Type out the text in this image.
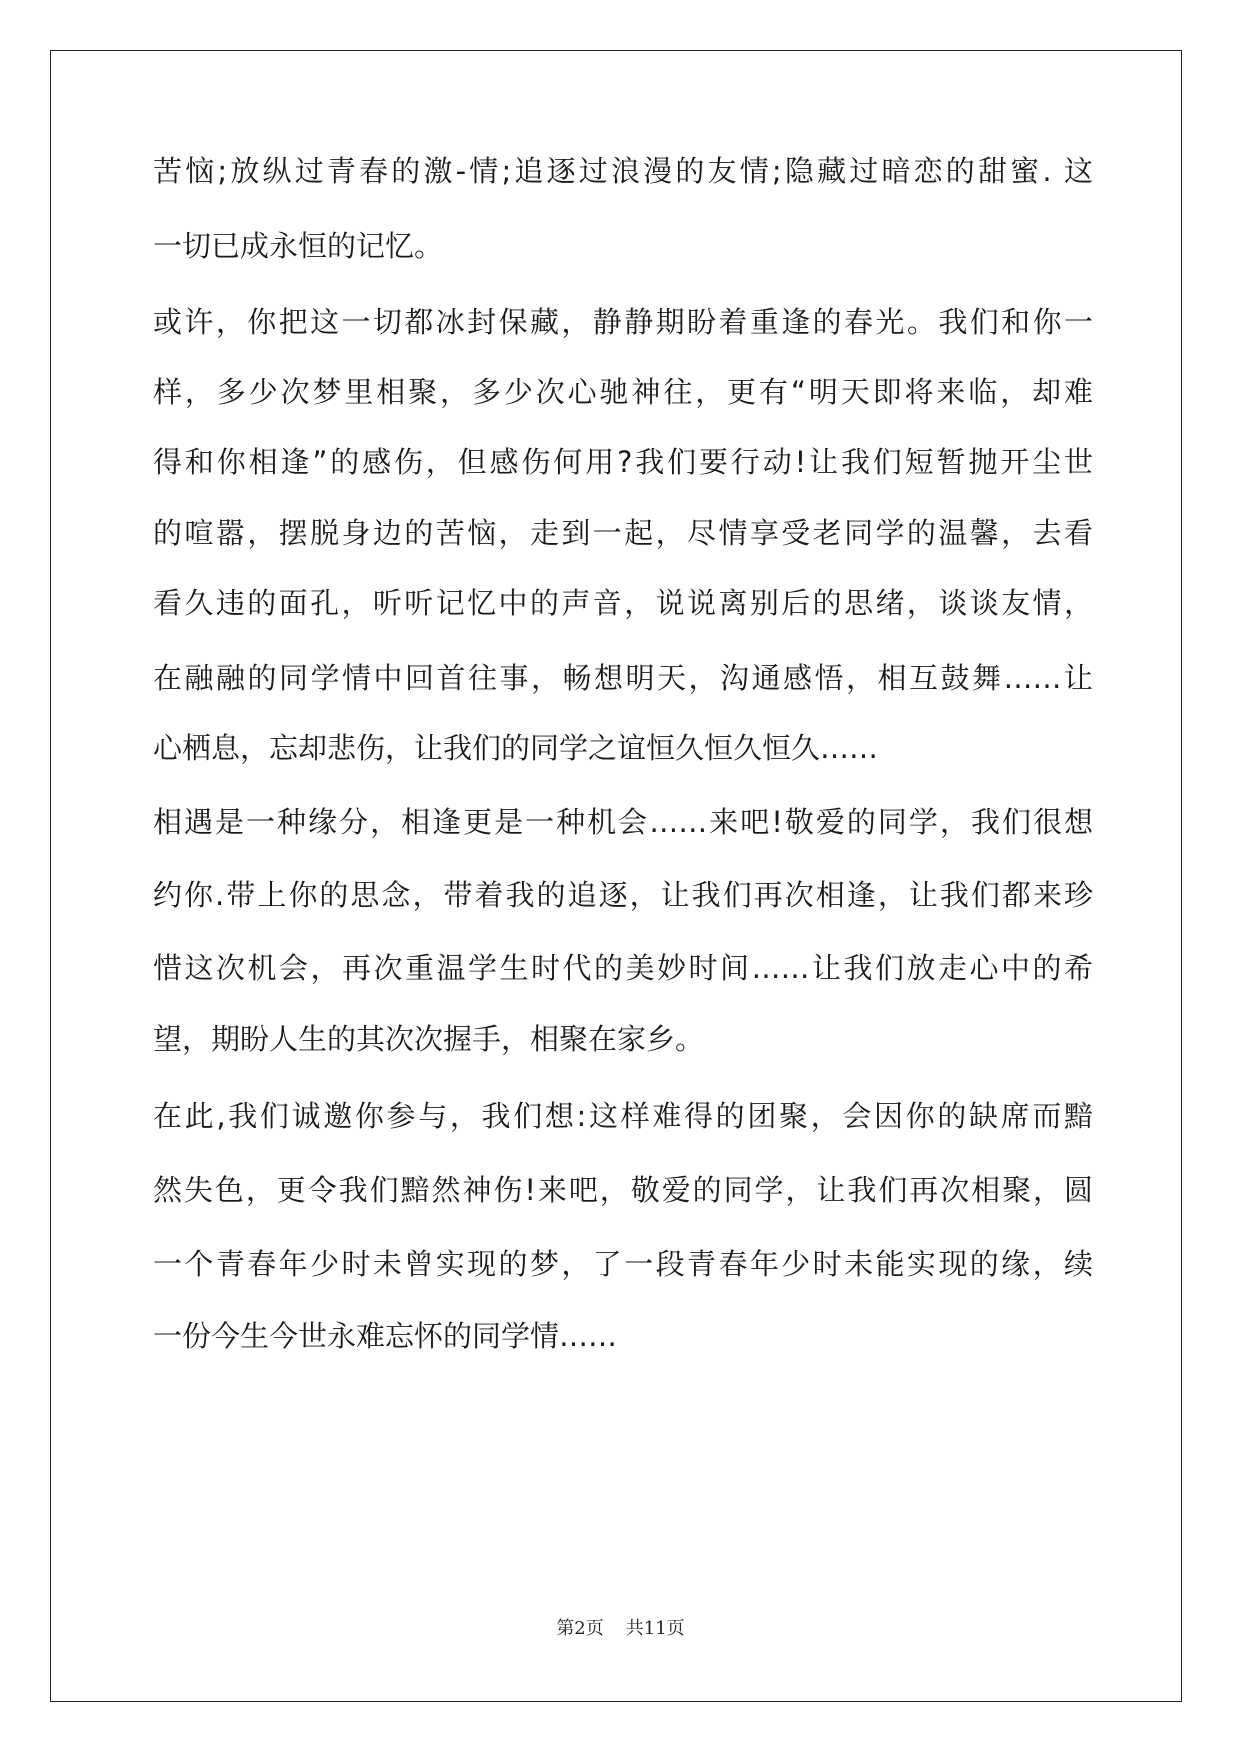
苦恼;放纵过青春的激-情;追逐过浪漫的友情;隐藏过暗恋的甜蜜. 这
一切已成永恒的记忆。
或许，你把这一切都冰封保藏，静静期盼着重逢的春光。我们和你一
样，多少次梦里相聚，多少次心驰神往，更有“明天即将来临，却难
得和你相逢”的感伤，但感伤何用?我们要行动!让我们短暂抛开尘世
的喧嚣，摆脱身边的苦恼，走到一起，尽情享受老同学的温馨，去看
看久违的面孔，听听记忆中的声音，说说离别后的思绪，谈谈友情，
在融融的同学情中回首往事，畅想明天，沟通感悟，相互鼓舞……让
心栖息，忘却悲伤，让我们的同学之谊恒久恒久恒久……
相遇是一种缘分，相逢更是一种机会……来吧!敬爱的同学，我们很想
约你.带上你的思念，带着我的追逐，让我们再次相逢，让我们都来珍
惜这次机会，再次重温学生时代的美妙时间……让我们放走心中的希
望，期盼人生的其次次握手，相聚在家乡。
在此,我们诚邀你参与，我们想:这样难得的团聚，会因你的缺席而黯
然失色，更令我们黯然神伤!来吧，敬爱的同学，让我们再次相聚，圆
一个青春年少时未曾实现的梦，了一段青春年少时未能实现的缘，续
一份今生今世永难忘怀的同学情……
第2页 共11页
